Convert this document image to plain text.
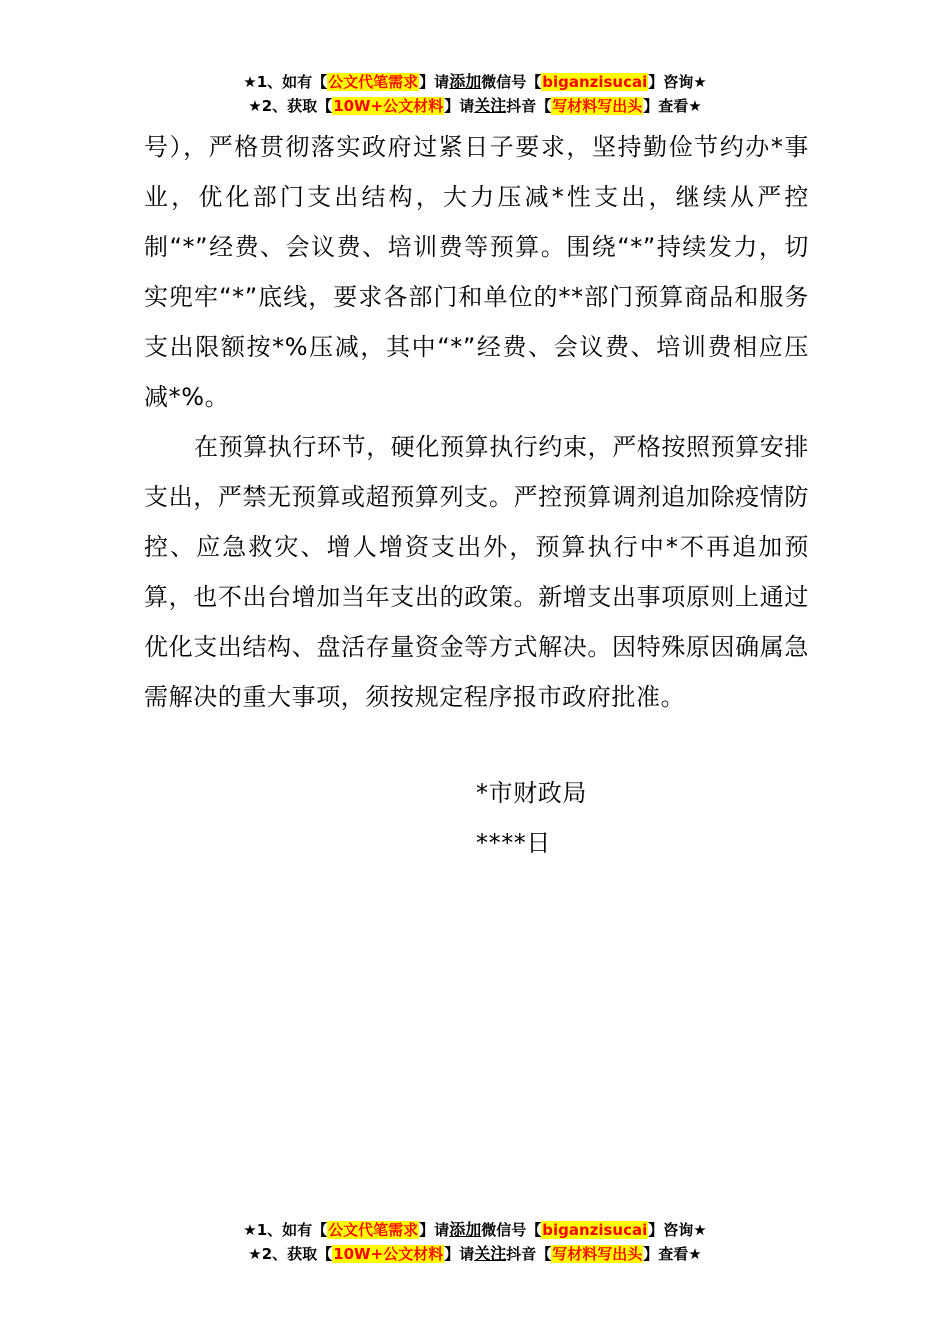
★1、如有【公文代笔需求】请添加微信号【biganzisucai】咨询★
★2、获取【10W+公文材料】请关注抖音【写材料写出头】查看★

号），严格贯彻落实政府过紧日子要求，坚持勤俭节约办*事业，优化部门支出结构，大力压减*性支出，继续从严控制“*”经费、会议费、培训费等预算。围绕“*”持续发力，切实兜牢“*”底线，要求各部门和单位的**部门预算商品和服务支出限额按*%压减，其中“*”经费、会议费、培训费相应压减*%。

在预算执行环节，硬化预算执行约束，严格按照预算安排支出，严禁无预算或超预算列支。严控预算调剂追加除疫情防控、应急救灾、增人增资支出外，预算执行中*不再追加预算，也不出台增加当年支出的政策。新增支出事项原则上通过优化支出结构、盘活存量资金等方式解决。因特殊原因确属急需解决的重大事项，须按规定程序报市政府批准。

*市财政局
****日
★1、如有【公文代笔需求】请添加微信号【biganzisucai】咨询★
★2、获取【10W+公文材料】请关注抖音【写材料写出头】查看★
